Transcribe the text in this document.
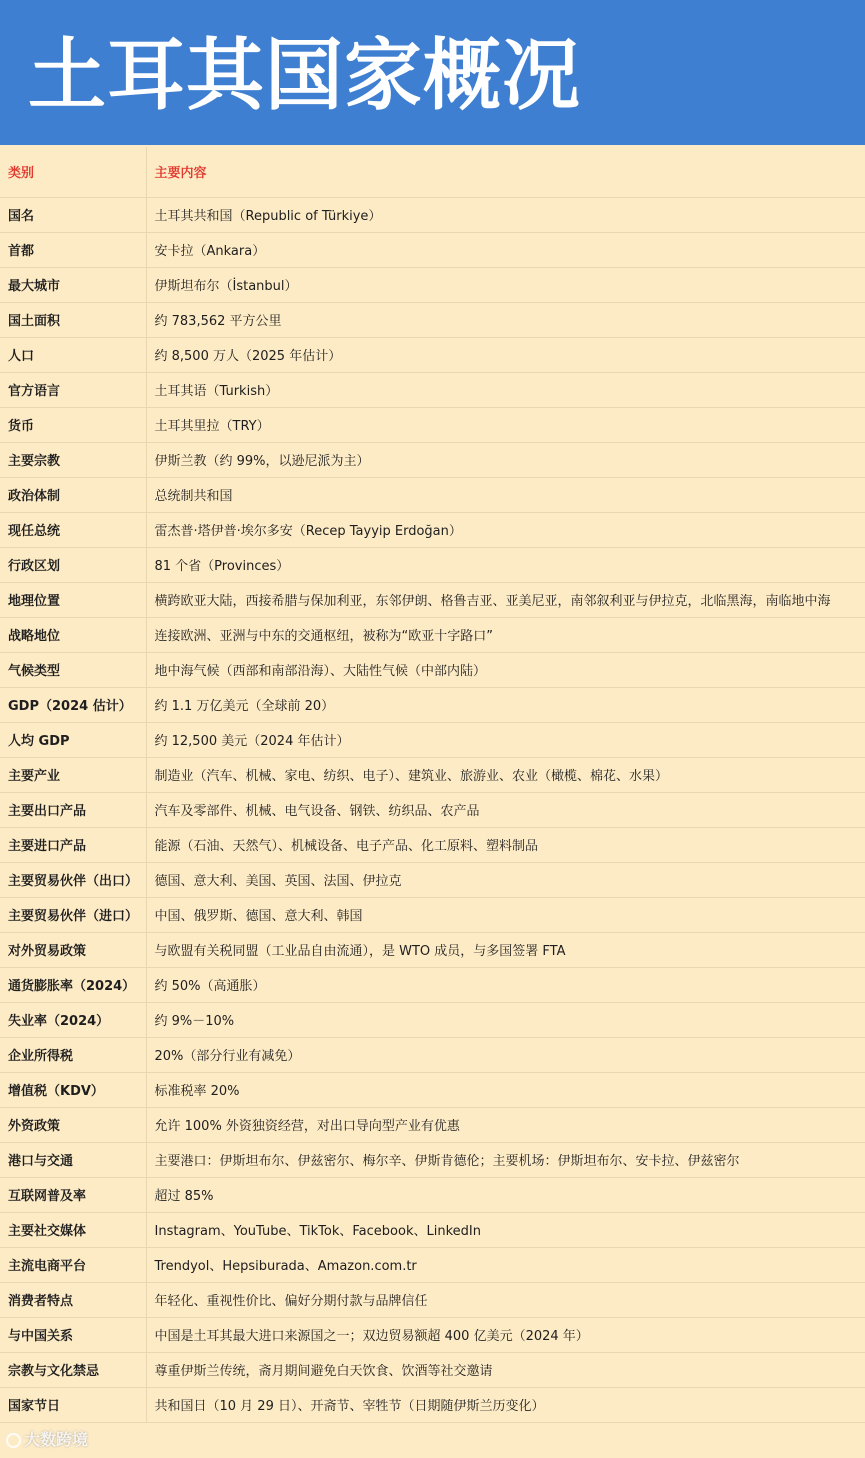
土耳其国家概况
类别	主要内容
国名	土耳其共和国（Republic of Türkiye）
首都	安卡拉（Ankara）
最大城市	伊斯坦布尔（İstanbul）
国土面积	约 783,562 平方公里
人口	约 8,500 万人（2025 年估计）
官方语言	土耳其语（Turkish）
货币	土耳其里拉（TRY）
主要宗教	伊斯兰教（约 99%，以逊尼派为主）
政治体制	总统制共和国
现任总统	雷杰普·塔伊普·埃尔多安（Recep Tayyip Erdoğan）
行政区划	81 个省（Provinces）
地理位置	横跨欧亚大陆，西接希腊与保加利亚，东邻伊朗、格鲁吉亚、亚美尼亚，南邻叙利亚与伊拉克，北临黑海，南临地中海
战略地位	连接欧洲、亚洲与中东的交通枢纽，被称为“欧亚十字路口”
气候类型	地中海气候（西部和南部沿海）、大陆性气候（中部内陆）
GDP（2024 估计）	约 1.1 万亿美元（全球前 20）
人均 GDP	约 12,500 美元（2024 年估计）
主要产业	制造业（汽车、机械、家电、纺织、电子）、建筑业、旅游业、农业（橄榄、棉花、水果）
主要出口产品	汽车及零部件、机械、电气设备、钢铁、纺织品、农产品
主要进口产品	能源（石油、天然气）、机械设备、电子产品、化工原料、塑料制品
主要贸易伙伴（出口）	德国、意大利、美国、英国、法国、伊拉克
主要贸易伙伴（进口）	中国、俄罗斯、德国、意大利、韩国
对外贸易政策	与欧盟有关税同盟（工业品自由流通），是 WTO 成员，与多国签署 FTA
通货膨胀率（2024）	约 50%（高通胀）
失业率（2024）	约 9%－10%
企业所得税	20%（部分行业有减免）
增值税（KDV）	标准税率 20%
外资政策	允许 100% 外资独资经营，对出口导向型产业有优惠
港口与交通	主要港口：伊斯坦布尔、伊兹密尔、梅尔辛、伊斯肯德伦；主要机场：伊斯坦布尔、安卡拉、伊兹密尔
互联网普及率	超过 85%
主要社交媒体	Instagram、YouTube、TikTok、Facebook、LinkedIn
主流电商平台	Trendyol、Hepsiburada、Amazon.com.tr
消费者特点	年轻化、重视性价比、偏好分期付款与品牌信任
与中国关系	中国是土耳其最大进口来源国之一；双边贸易额超 400 亿美元（2024 年）
宗教与文化禁忌	尊重伊斯兰传统，斋月期间避免白天饮食、饮酒等社交邀请
国家节日	共和国日（10 月 29 日）、开斋节、宰牲节（日期随伊斯兰历变化）
大数跨境
